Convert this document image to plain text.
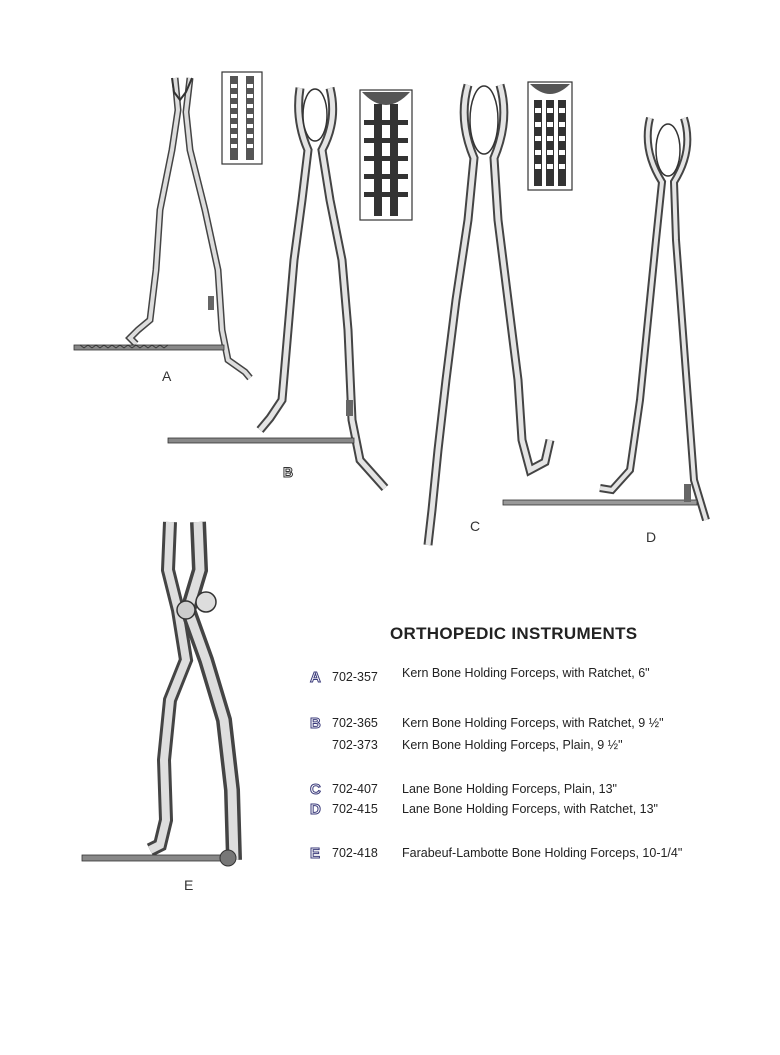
A
B
C
D
E
ORTHOPEDIC INSTRUMENTS
A 702-357 Kern Bone Holding Forceps, with Ratchet, 6"
B 702-365 Kern Bone Holding Forceps, with Ratchet, 9 ½"
702-373 Kern Bone Holding Forceps, Plain, 9 ½"
C 702-407 Lane Bone Holding Forceps, Plain, 13"
D 702-415 Lane Bone Holding Forceps, with Ratchet, 13"
E 702-418 Farabeuf-Lambotte Bone Holding Forceps, 10-1/4"
